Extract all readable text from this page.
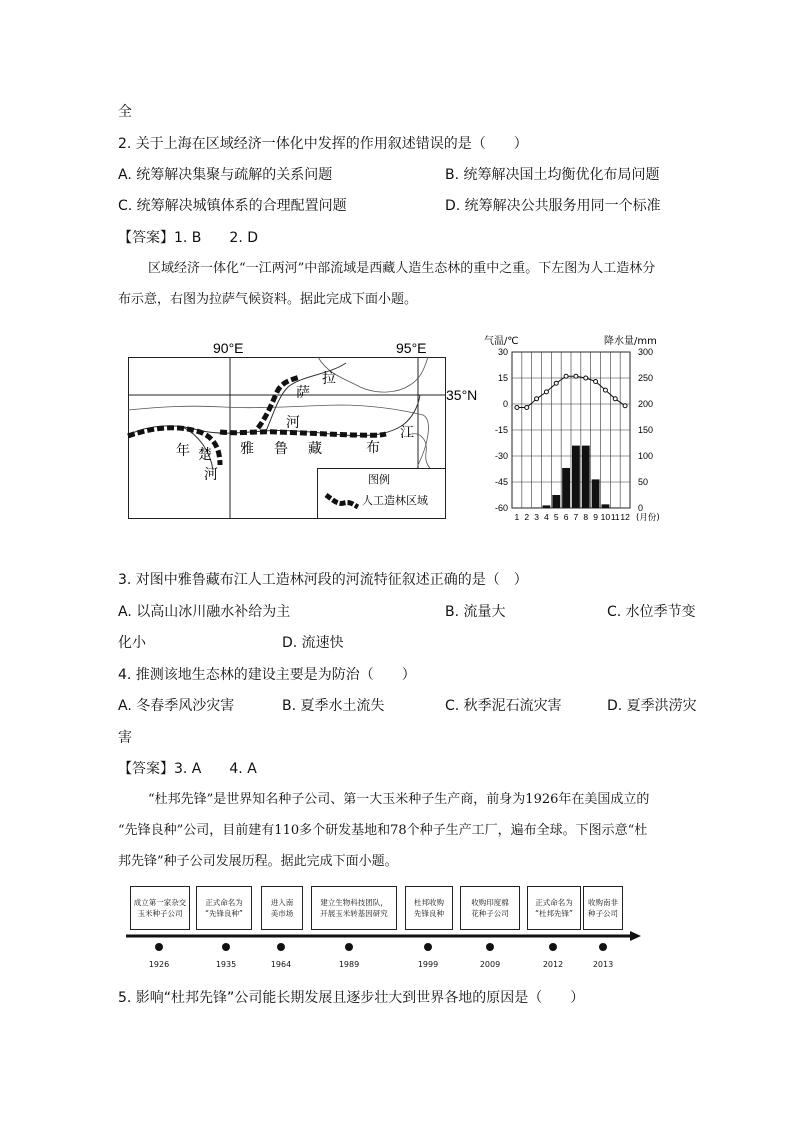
全
2. 关于上海在区域经济一体化中发挥的作用叙述错误的是（　　）
A. 统筹解决集聚与疏解的关系问题	B. 统筹解决国土均衡优化布局问题
C. 统筹解决城镇体系的合理配置问题	D. 统筹解决公共服务用同一个标准
【答案】1. B　　2. D
区域经济一体化“一江两河”中部流域是西藏人造生态林的重中之重。下左图为人工造林分
布示意，右图为拉萨气候资料。据此完成下面小题。
90°E	95°E
35°N
拉
萨
河
年 楚
河
雅 鲁 藏	布
江
图例
人工造林区域
气温/℃	降水量/mm
30
15
0
-15
-30
-45
-60
300
250
200
150
100
50
0
1 2 3 4 5 6 7 8 9 10 11 12 (月份)
3. 对图中雅鲁藏布江人工造林河段的河流特征叙述正确的是（　）
A. 以高山冰川融水补给为主	B. 流量大	C. 水位季节变
化小	D. 流速快
4. 推测该地生态林的建设主要是为防治（　　）
A. 冬春季风沙灾害	B. 夏季水土流失	C. 秋季泥石流灾害	D. 夏季洪涝灾
害
【答案】3. A　　4. A
“杜邦先锋”是世界知名种子公司、第一大玉米种子生产商，前身为1926年在美国成立的
“先锋良种”公司，目前建有110多个研发基地和78个种子生产工厂，遍布全球。下图示意“杜
邦先锋”种子公司发展历程。据此完成下面小题。
成立第一家杂交
玉米种子公司
正式命名为
“先锋良种”
进入南
美市场
建立生物科技团队，
开展玉米转基因研究
杜邦收购
先锋良种
收购印度棉
花种子公司
正式命名为
“杜邦先锋”
收购南非
种子公司
1926	1935	1964	1989	1999	2009	2012	2013
5. 影响“杜邦先锋”公司能长期发展且逐步壮大到世界各地的原因是（　　）
